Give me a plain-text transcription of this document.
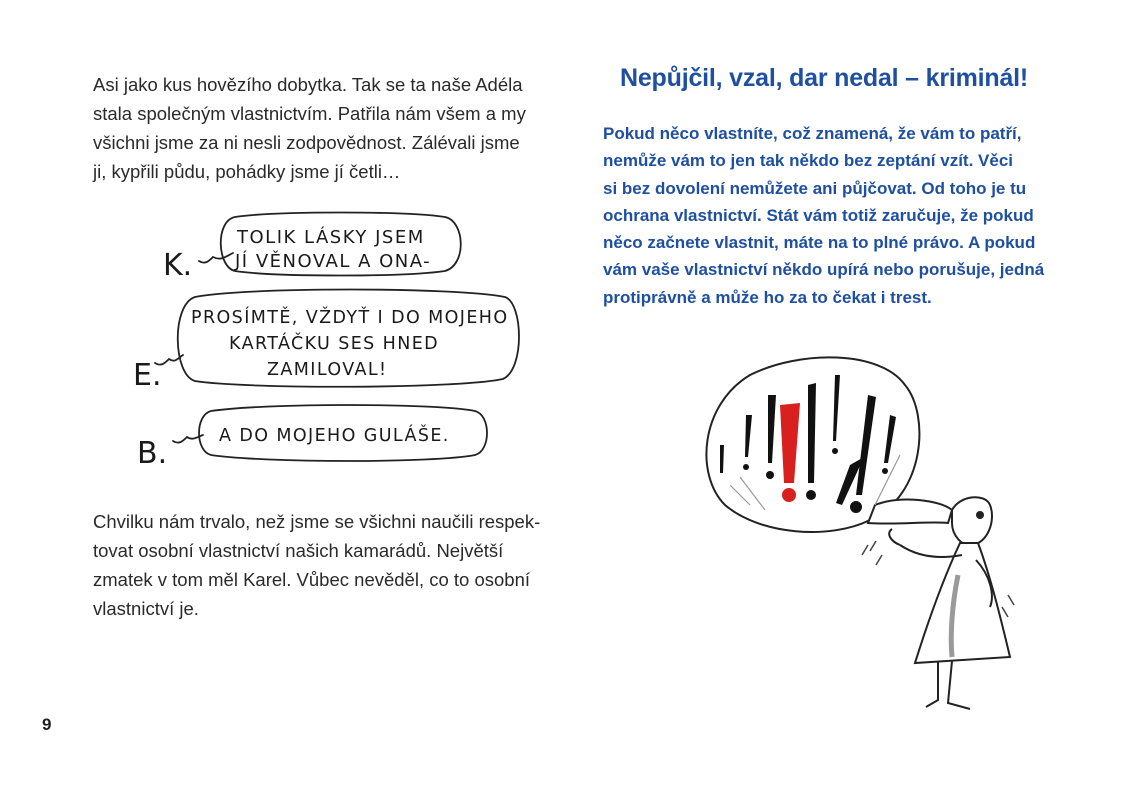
Asi jako kus hovězího dobytka. Tak se ta naše Adéla
stala společným vlastnictvím. Patřila nám všem a my
všichni jsme za ni nesli zodpovědnost. Zálévali jsme
ji, kypřili půdu, pohádky jsme jí četli…

K.
TOLIK LÁSKY JSEM
JÍ VĚNOVAL A ONA-
E.
PROSÍMTĚ, VŽDYŤ I DO MOJEHO
KARTÁČKU SES HNED
ZAMILOVAL!
B.	A DO MOJEHO GULÁŠE.

Chvilku nám trvalo, než jsme se všichni naučili respek-
tovat osobní vlastnictví našich kamarádů. Největší
zmatek v tom měl Karel. Vůbec nevěděl, co to osobní
vlastnictví je.

9

Nepůjčil, vzal, dar nedal – kriminál!

Pokud něco vlastníte, což znamená, že vám to patří,
nemůže vám to jen tak někdo bez zeptání vzít. Věci
si bez dovolení nemůžete ani půjčovat. Od toho je tu
ochrana vlastnictví. Stát vám totiž zaručuje, že pokud
něco začnete vlastnit, máte na to plné právo. A pokud
vám vaše vlastnictví někdo upírá nebo porušuje, jedná
protiprávně a může ho za to čekat i trest.
